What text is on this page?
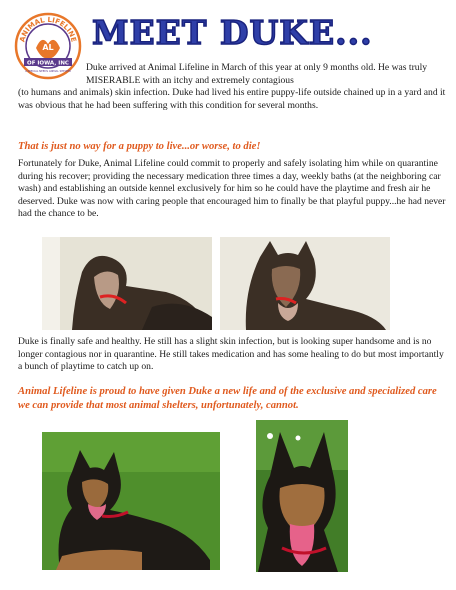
ANIMAL LIFELINE
AL
OF IOWA, INC
A SPECIAL NEEDS ANIMAL SHELTER
MEET DUKE...
Duke arrived at Animal Lifeline in March of this year at only 9 months old. He was truly MISERABLE with an itchy and extremely contagious
(to humans and animals) skin infection. Duke had lived his entire puppy-life outside chained up in a yard and it was obvious that he had been suffering with this condition for several months.
That is just no way for a puppy to live...or worse, to die!
Fortunately for Duke, Animal Lifeline could commit to properly and safely isolating him while on quarantine during his recover; providing the necessary medication three times a day, weekly baths (at the neighboring car wash) and establishing an outside kennel exclusively for him so he could have the playtime and fresh air he deserved. Duke was now with caring people that encouraged him to finally be that playful puppy...he had never had the chance to be.
Duke is finally safe and healthy. He still has a slight skin infection, but is looking super handsome and is no longer contagious nor in quarantine. He still takes medication and has some healing to do but most importantly a bunch of playtime to catch up on.
Animal Lifeline is proud to have given Duke a new life and of the exclusive and specialized care we can provide that most animal shelters, unfortunately, cannot.
